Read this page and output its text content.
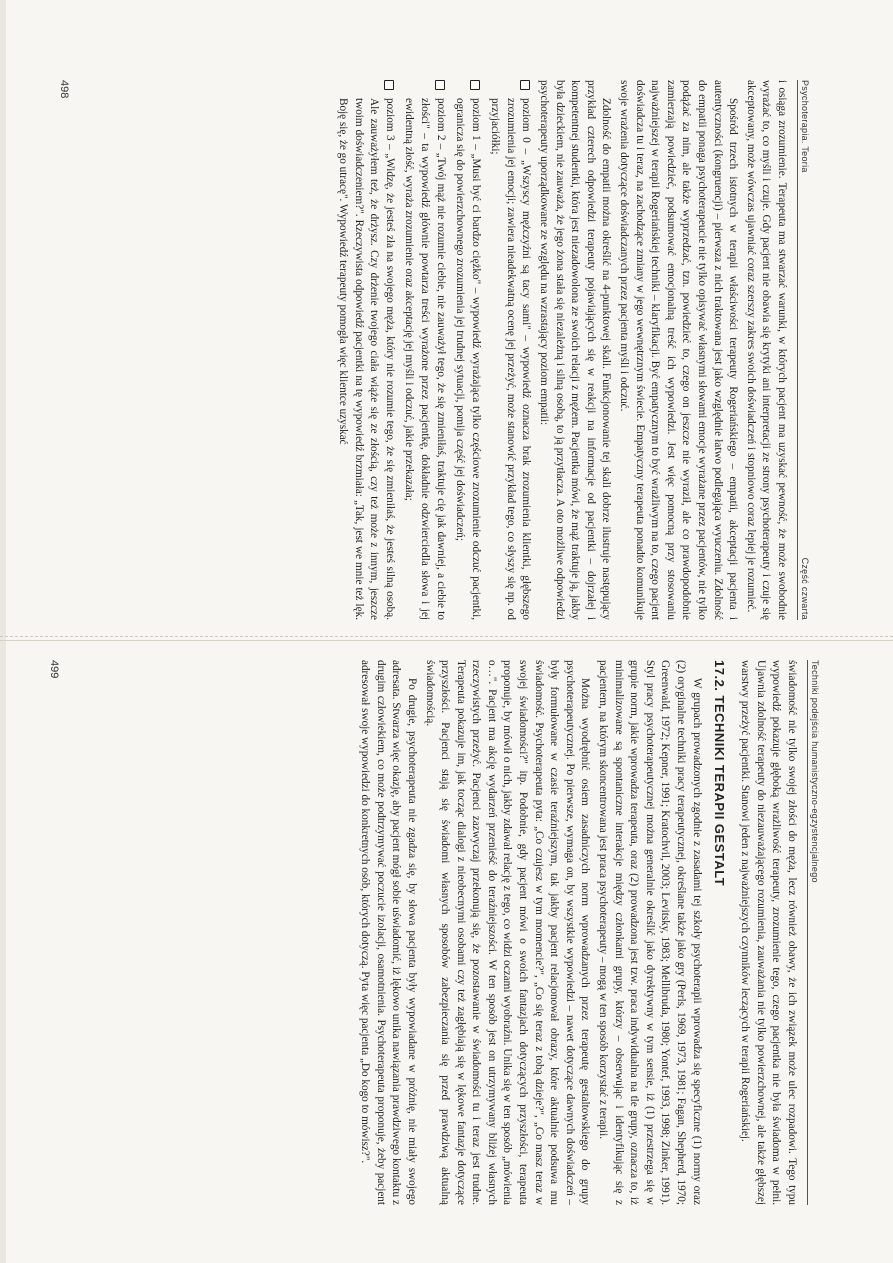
Psychoterapia. Teoria
Część czwarta

i osiąga zrozumienie. Terapeuta ma stwarzać warunki, w których pacjent ma uzyskać pewność, że może swobodnie wyrażać to, co myśli i czuje. Gdy pacjent nie obawia się krytyki ani interpretacji ze strony psychoterapeuty i czuje się akceptowany, może wówczas ujawniać coraz szerszy zakres swoich doświadczeń i stopniowo coraz lepiej je rozumieć.

Spośród trzech istotnych w terapii właściwości terapeuty Rogeriańskiego – empatii, akceptacji pacjenta i autentyczności (kongruencji) – pierwsza z nich traktowana jest jako względnie łatwo podlegająca wyuczeniu. Zdolność do empatii ponaga psychoterapeucie nie tylko opisywać własnymi słowami emocje wyrażane przez pacjentów, nie tylko podążać za nim, ale także wyprzedzać, tzn. powiedzieć to, czego on jeszcze nie wyraził, ale co prawdopodobnie zamierzają powiedzieć, podsumować emocjonalną treść ich wypowiedzi. Jest więc pomocną przy stosowaniu najważniejszej w terapii Rogeriańskiej techniki – klaryfikacji. Być empatycznym to być wrażliwym na to, czego pacjent doświadcza tu i teraz, na zachodzące zmiany w jego wewnętrznym świecie. Empatyczny terapeuta ponadto komunikuje swoje wrażenia dotyczące doświadczanych przez pacjenta myśli i odczuć.

Zdolność do empatii można określić na 4-punktowej skali. Funkcjonowanie tej skali dobrze ilustruje następujący przykład czterech odpowiedzi terapeuty pojawiających się w reakcji na informacje od pacjentki – dojrzałej i kompetentnej studentki, która jest niezadowolona ze swoich relacji z mężem. Pacjentka mówi, że mąż traktuje ją, jakby była dzieckiem, nie zauważa, że jego żona stała się niezależną i silną osobą, to ją przytłacza. A oto możliwe odpowiedzi psychoterapeuty uporządkowane ze względu na wzrastający poziom empatii:

poziom 0 – „Wszyscy mężczyźni są tacy sami" – wypowiedź oznacza brak zrozumienia klientki, głębszego zrozumienia jej emocji; zawiera nieadekwatną ocenę jej przeżyć, może stanowić przykład tego, co słyszy się np. od przyjaciółki;

poziom 1 – „Musi być ci bardzo ciężko" – wypowiedź wyrażająca tylko częściowe zrozumienie odczuć pacjentki, ogranicza się do powierzchownego zrozumienia jej trudnej sytuacji, pomija część jej doświadczeń;

poziom 2 – „Twój mąż nie rozumie ciebie, nie zauważył tego, że się zmieniłaś, traktuje cię jak dawniej, a ciebie to złości" – ta wypowiedź głównie powtarza treści wyrażone przez pacjentkę, dokładnie odzwierciedla słowa i jej ewidentną złość, wyraża zrozumienie oraz akceptację jej myśli i odczuć, jakie przekazała;

poziom 3 – „Widzę, że jesteś zła na swojego męża, który nie rozumie tego, że się zmieniłaś, że jesteś silną osobą. Ale zauważyłem też, że drżysz. Czy drżenie twojego ciała wiąże się ze złością, czy też może z innym, jeszcze twoim doświadczeniem?". Rzeczywista odpowiedź pacjentki na tę wypowiedź brzmiała: „Tak, jest we mnie też lęk. Boję się, że go utracę". Wypowiedź terapeuty pomogła więc klientce uzyskać

498
Techniki podejścia humanistyczno-egzystencjalnego

świadomość nie tylko swojej złości do męża, lecz również obawy, że ich związek może ulec rozpadowi. Tego typu wypowiedź pokazuje głęboką wrażliwość terapeuty, zrozumienie tego, czego pacjentka nie była świadoma w pełni. Ujawnia zdolność terapeuty do niezauważającego rozumienia, zauważania nie tylko powierzchownej, ale także głębszej warstwy przeżyć pacjentki. Stanowi jeden z najważniejszych czynników leczących w terapii Rogeriańskiej.

17.2. TECHNIKI TERAPII GESTALT

W grupach prowadzonych zgodnie z zasadami tej szkoły psychoterapii wprowadza się specyficzne (1) normy oraz (2) oryginalne techniki pracy terapeutycznej, określane także jako gry (Perls, 1969, 1973, 1981; Fagan, Shepherd, 1970; Greenwald, 1972; Kepner, 1991; Kratochvil, 2003; Levitsky, 1983; Mellibruda, 1980; Yontef, 1993, 1998; Zinker, 1991). Styl pracy psychoterapeutycznej można generalnie określić jako dyrektywny w tym sensie, iż (1) przestrzega się w grupie norm, jakie wprowadza terapeuta, oraz (2) prowadzona jest tzw. praca indywidualna na tle grupy, oznacza to, iż minimalizowane są spontaniczne interakcje między członkami grupy, którzy – obserwując i identyfikując się z pacjentem, na którym skoncentrowana jest praca psychoterapeuty – mogą w ten sposób korzystać z terapii.

Można wyodrębnić osiem zasadniczych norm wprowadzanych przez terapeutę gestaltowskiego do grupy psychoterapeutycznej. Po pierwsze, wymaga on, by wszystkie wypowiedzi – nawet dotyczące dawnych doświadczeń – były formułowane w czasie teraźniejszym, tak jakby pacjent relacjonował obrazy, które aktualnie podsuwa mu świadomość. Psychoterapeuta pyta: „Co czujesz w tym momencie?", „Co się teraz z tobą dzieje?", „Co masz teraz w swojej świadomości?" itp. Podobnie, gdy pacjent mówi o swoich fantazjach dotyczących przyszłości, terapeuta proponuje, by mówił o nich, jakby zdawał relację z tego, co widzi oczami wyobraźni. Unika się w ten sposób „mówienia o…". Pacjent ma akcję wydarzeń przenieść do teraźniejszości. W ten sposób jest on utrzymywany bliżej własnych rzeczywistych przeżyć. Pacjenci zazwyczaj przekonują się, że pozostawanie w świadomości tu i teraz jest trudne. Terapeuta pokazuje im, jak tocząc dialogi z nieobecnymi osobami czy też zagłębiają się w lękowe fantazje dotyczące przyszłości. Pacjenci stają się świadomi własnych sposobów zabezpieczania się przed prawdziwą aktualną świadomością.

Po drugie, psychoterapeuta nie zgadza się, by słowa pacjenta były wypowiadane w próżnię, nie miały swojego adresata. Stwarza więc okazję, aby pacjent mógł sobie uświadomić, iż lękowo unika nawiązania prawdziwego kontaktu z drugim człowiekiem, co może podtrzymywać poczucie izolacji, osamotnienia. Psychoterapeuta proponuje, żeby pacjent adresował swoje wypowiedzi do konkretnych osób, których dotyczą. Pyta więc pacjenta „Do kogo to mówisz?".

499
